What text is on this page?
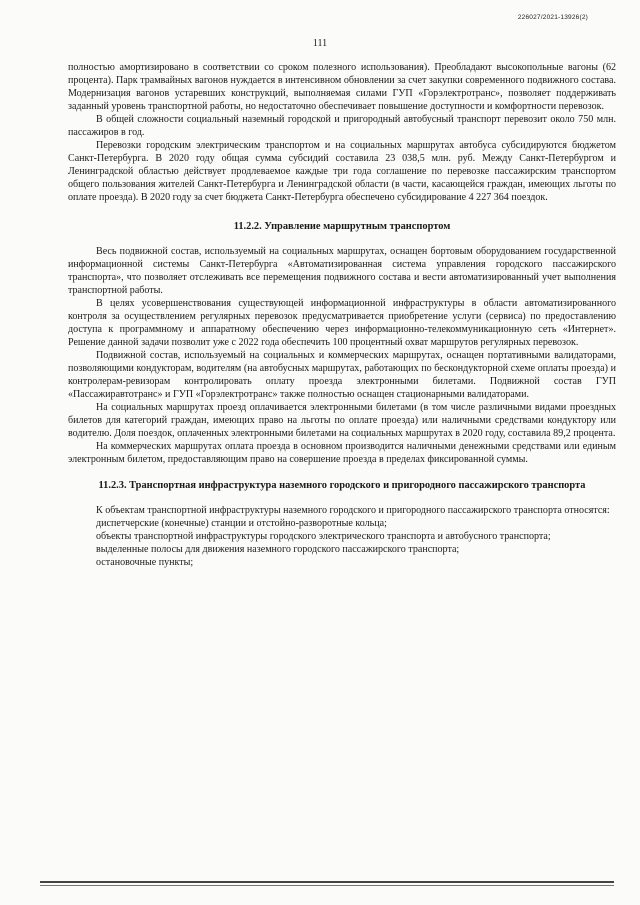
226027/2021-13926(2)
111

полностью амортизировано в соответствии со сроком полезного использования). Преобладают высокопольные вагоны (62 процента). Парк трамвайных вагонов нуждается в интенсивном обновлении за счет закупки современного подвижного состава. Модернизация вагонов устаревших конструкций, выполняемая силами ГУП «Горэлектротранс», позволяет поддерживать заданный уровень транспортной работы, но недостаточно обеспечивает повышение доступности и комфортности перевозок.

В общей сложности социальный наземный городской и пригородный автобусный транспорт перевозит около 750 млн. пассажиров в год.

Перевозки городским электрическим транспортом и на социальных маршрутах автобуса субсидируются бюджетом Санкт-Петербурга. В 2020 году общая сумма субсидий составила 23 038,5 млн. руб. Между Санкт-Петербургом и Ленинградской областью действует продлеваемое каждые три года соглашение по перевозке пассажирским транспортом общего пользования жителей Санкт-Петербурга и Ленинградской области (в части, касающейся граждан, имеющих льготы по оплате проезда). В 2020 году за счет бюджета Санкт-Петербурга обеспечено субсидирование 4 227 364 поездок.

11.2.2. Управление маршрутным транспортом

Весь подвижной состав, используемый на социальных маршрутах, оснащен бортовым оборудованием государственной информационной системы Санкт-Петербурга «Автоматизированная система управления городского пассажирского транспорта», что позволяет отслеживать все перемещения подвижного состава и вести автоматизированный учет выполнения транспортной работы.

В целях усовершенствования существующей информационной инфраструктуры в области автоматизированного контроля за осуществлением регулярных перевозок предусматривается приобретение услуги (сервиса) по предоставлению доступа к программному и аппаратному обеспечению через информационно-телекоммуникационную сеть «Интернет». Решение данной задачи позволит уже с 2022 года обеспечить 100 процентный охват маршрутов регулярных перевозок.

Подвижной состав, используемый на социальных и коммерческих маршрутах, оснащен портативными валидаторами, позволяющими кондукторам, водителям (на автобусных маршрутах, работающих по бескондукторной схеме оплаты проезда) и контролерам-ревизорам контролировать оплату проезда электронными билетами. Подвижной состав ГУП «Пассажиравтотранс» и ГУП «Горэлектротранс» также полностью оснащен стационарными валидаторами.

На социальных маршрутах проезд оплачивается электронными билетами (в том числе различными видами проездных билетов для категорий граждан, имеющих право на льготы по оплате проезда) или наличными средствами кондуктору или водителю. Доля поездок, оплаченных электронными билетами на социальных маршрутах в 2020 году, составила 89,2 процента.

На коммерческих маршрутах оплата проезда в основном производится наличными денежными средствами или единым электронным билетом, предоставляющим право на совершение проезда в пределах фиксированной суммы.

11.2.3. Транспортная инфраструктура наземного городского и пригородного пассажирского транспорта

К объектам транспортной инфраструктуры наземного городского и пригородного пассажирского транспорта относятся:

диспетчерские (конечные) станции и отстойно-разворотные кольца;

объекты транспортной инфраструктуры городского электрического транспорта и автобусного транспорта;

выделенные полосы для движения наземного городского пассажирского транспорта;

остановочные пункты;
